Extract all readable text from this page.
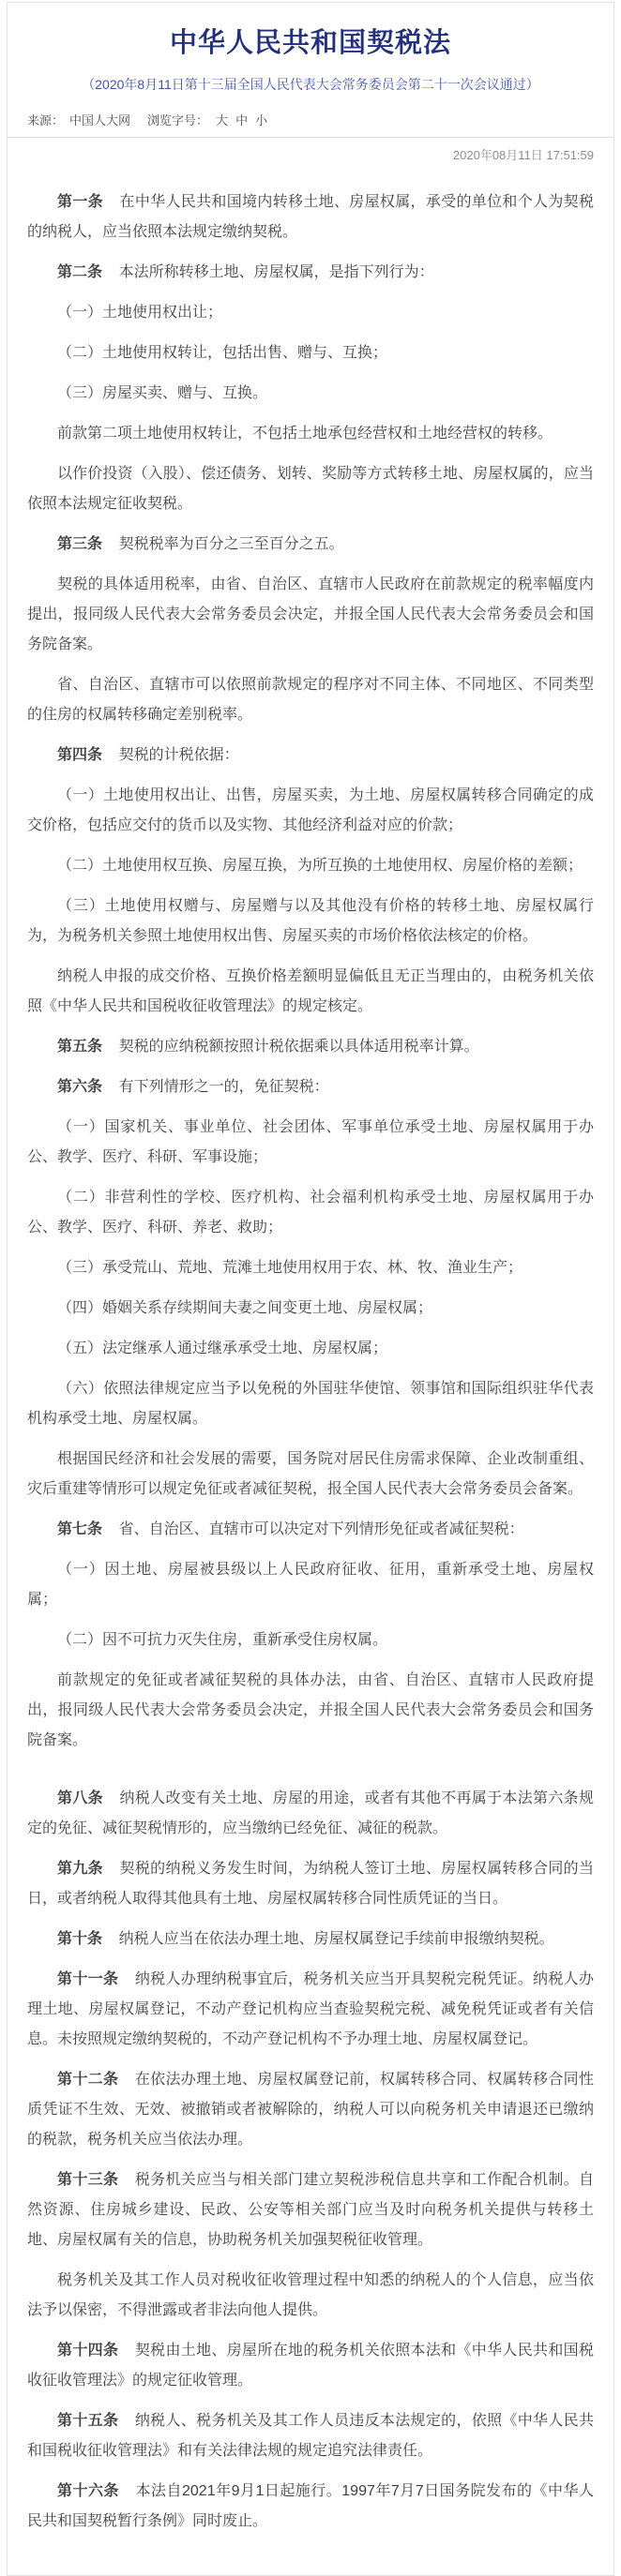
中华人民共和国契税法
（2020年8月11日第十三届全国人民代表大会常务委员会第二十一次会议通过）
来源： 中国人大网 浏览字号： 大 中 小
2020年08月11日 17:51:59

第一条 在中华人民共和国境内转移土地、房屋权属，承受的单位和个人为契税的纳税人，应当依照本法规定缴纳契税。

第二条 本法所称转移土地、房屋权属，是指下列行为：

（一）土地使用权出让；

（二）土地使用权转让，包括出售、赠与、互换；

（三）房屋买卖、赠与、互换。

前款第二项土地使用权转让，不包括土地承包经营权和土地经营权的转移。

以作价投资（入股）、偿还债务、划转、奖励等方式转移土地、房屋权属的，应当依照本法规定征收契税。

第三条 契税税率为百分之三至百分之五。

契税的具体适用税率，由省、自治区、直辖市人民政府在前款规定的税率幅度内提出，报同级人民代表大会常务委员会决定，并报全国人民代表大会常务委员会和国务院备案。

省、自治区、直辖市可以依照前款规定的程序对不同主体、不同地区、不同类型的住房的权属转移确定差别税率。

第四条 契税的计税依据：

（一）土地使用权出让、出售，房屋买卖，为土地、房屋权属转移合同确定的成交价格，包括应交付的货币以及实物、其他经济利益对应的价款；

（二）土地使用权互换、房屋互换，为所互换的土地使用权、房屋价格的差额；

（三）土地使用权赠与、房屋赠与以及其他没有价格的转移土地、房屋权属行为，为税务机关参照土地使用权出售、房屋买卖的市场价格依法核定的价格。

纳税人申报的成交价格、互换价格差额明显偏低且无正当理由的，由税务机关依照《中华人民共和国税收征收管理法》的规定核定。

第五条 契税的应纳税额按照计税依据乘以具体适用税率计算。

第六条 有下列情形之一的，免征契税：

（一）国家机关、事业单位、社会团体、军事单位承受土地、房屋权属用于办公、教学、医疗、科研、军事设施；

（二）非营利性的学校、医疗机构、社会福利机构承受土地、房屋权属用于办公、教学、医疗、科研、养老、救助；

（三）承受荒山、荒地、荒滩土地使用权用于农、林、牧、渔业生产；

（四）婚姻关系存续期间夫妻之间变更土地、房屋权属；

（五）法定继承人通过继承承受土地、房屋权属；

（六）依照法律规定应当予以免税的外国驻华使馆、领事馆和国际组织驻华代表机构承受土地、房屋权属。

根据国民经济和社会发展的需要，国务院对居民住房需求保障、企业改制重组、灾后重建等情形可以规定免征或者减征契税，报全国人民代表大会常务委员会备案。

第七条 省、自治区、直辖市可以决定对下列情形免征或者减征契税：

（一）因土地、房屋被县级以上人民政府征收、征用，重新承受土地、房屋权属；

（二）因不可抗力灭失住房，重新承受住房权属。

前款规定的免征或者减征契税的具体办法，由省、自治区、直辖市人民政府提出，报同级人民代表大会常务委员会决定，并报全国人民代表大会常务委员会和国务院备案。

第八条 纳税人改变有关土地、房屋的用途，或者有其他不再属于本法第六条规定的免征、减征契税情形的，应当缴纳已经免征、减征的税款。

第九条 契税的纳税义务发生时间，为纳税人签订土地、房屋权属转移合同的当日，或者纳税人取得其他具有土地、房屋权属转移合同性质凭证的当日。

第十条 纳税人应当在依法办理土地、房屋权属登记手续前申报缴纳契税。

第十一条 纳税人办理纳税事宜后，税务机关应当开具契税完税凭证。纳税人办理土地、房屋权属登记，不动产登记机构应当查验契税完税、减免税凭证或者有关信息。未按照规定缴纳契税的，不动产登记机构不予办理土地、房屋权属登记。

第十二条 在依法办理土地、房屋权属登记前，权属转移合同、权属转移合同性质凭证不生效、无效、被撤销或者被解除的，纳税人可以向税务机关申请退还已缴纳的税款，税务机关应当依法办理。

第十三条 税务机关应当与相关部门建立契税涉税信息共享和工作配合机制。自然资源、住房城乡建设、民政、公安等相关部门应当及时向税务机关提供与转移土地、房屋权属有关的信息，协助税务机关加强契税征收管理。

税务机关及其工作人员对税收征收管理过程中知悉的纳税人的个人信息，应当依法予以保密，不得泄露或者非法向他人提供。

第十四条 契税由土地、房屋所在地的税务机关依照本法和《中华人民共和国税收征收管理法》的规定征收管理。

第十五条 纳税人、税务机关及其工作人员违反本法规定的，依照《中华人民共和国税收征收管理法》和有关法律法规的规定追究法律责任。

第十六条 本法自2021年9月1日起施行。1997年7月7日国务院发布的《中华人民共和国契税暂行条例》同时废止。
